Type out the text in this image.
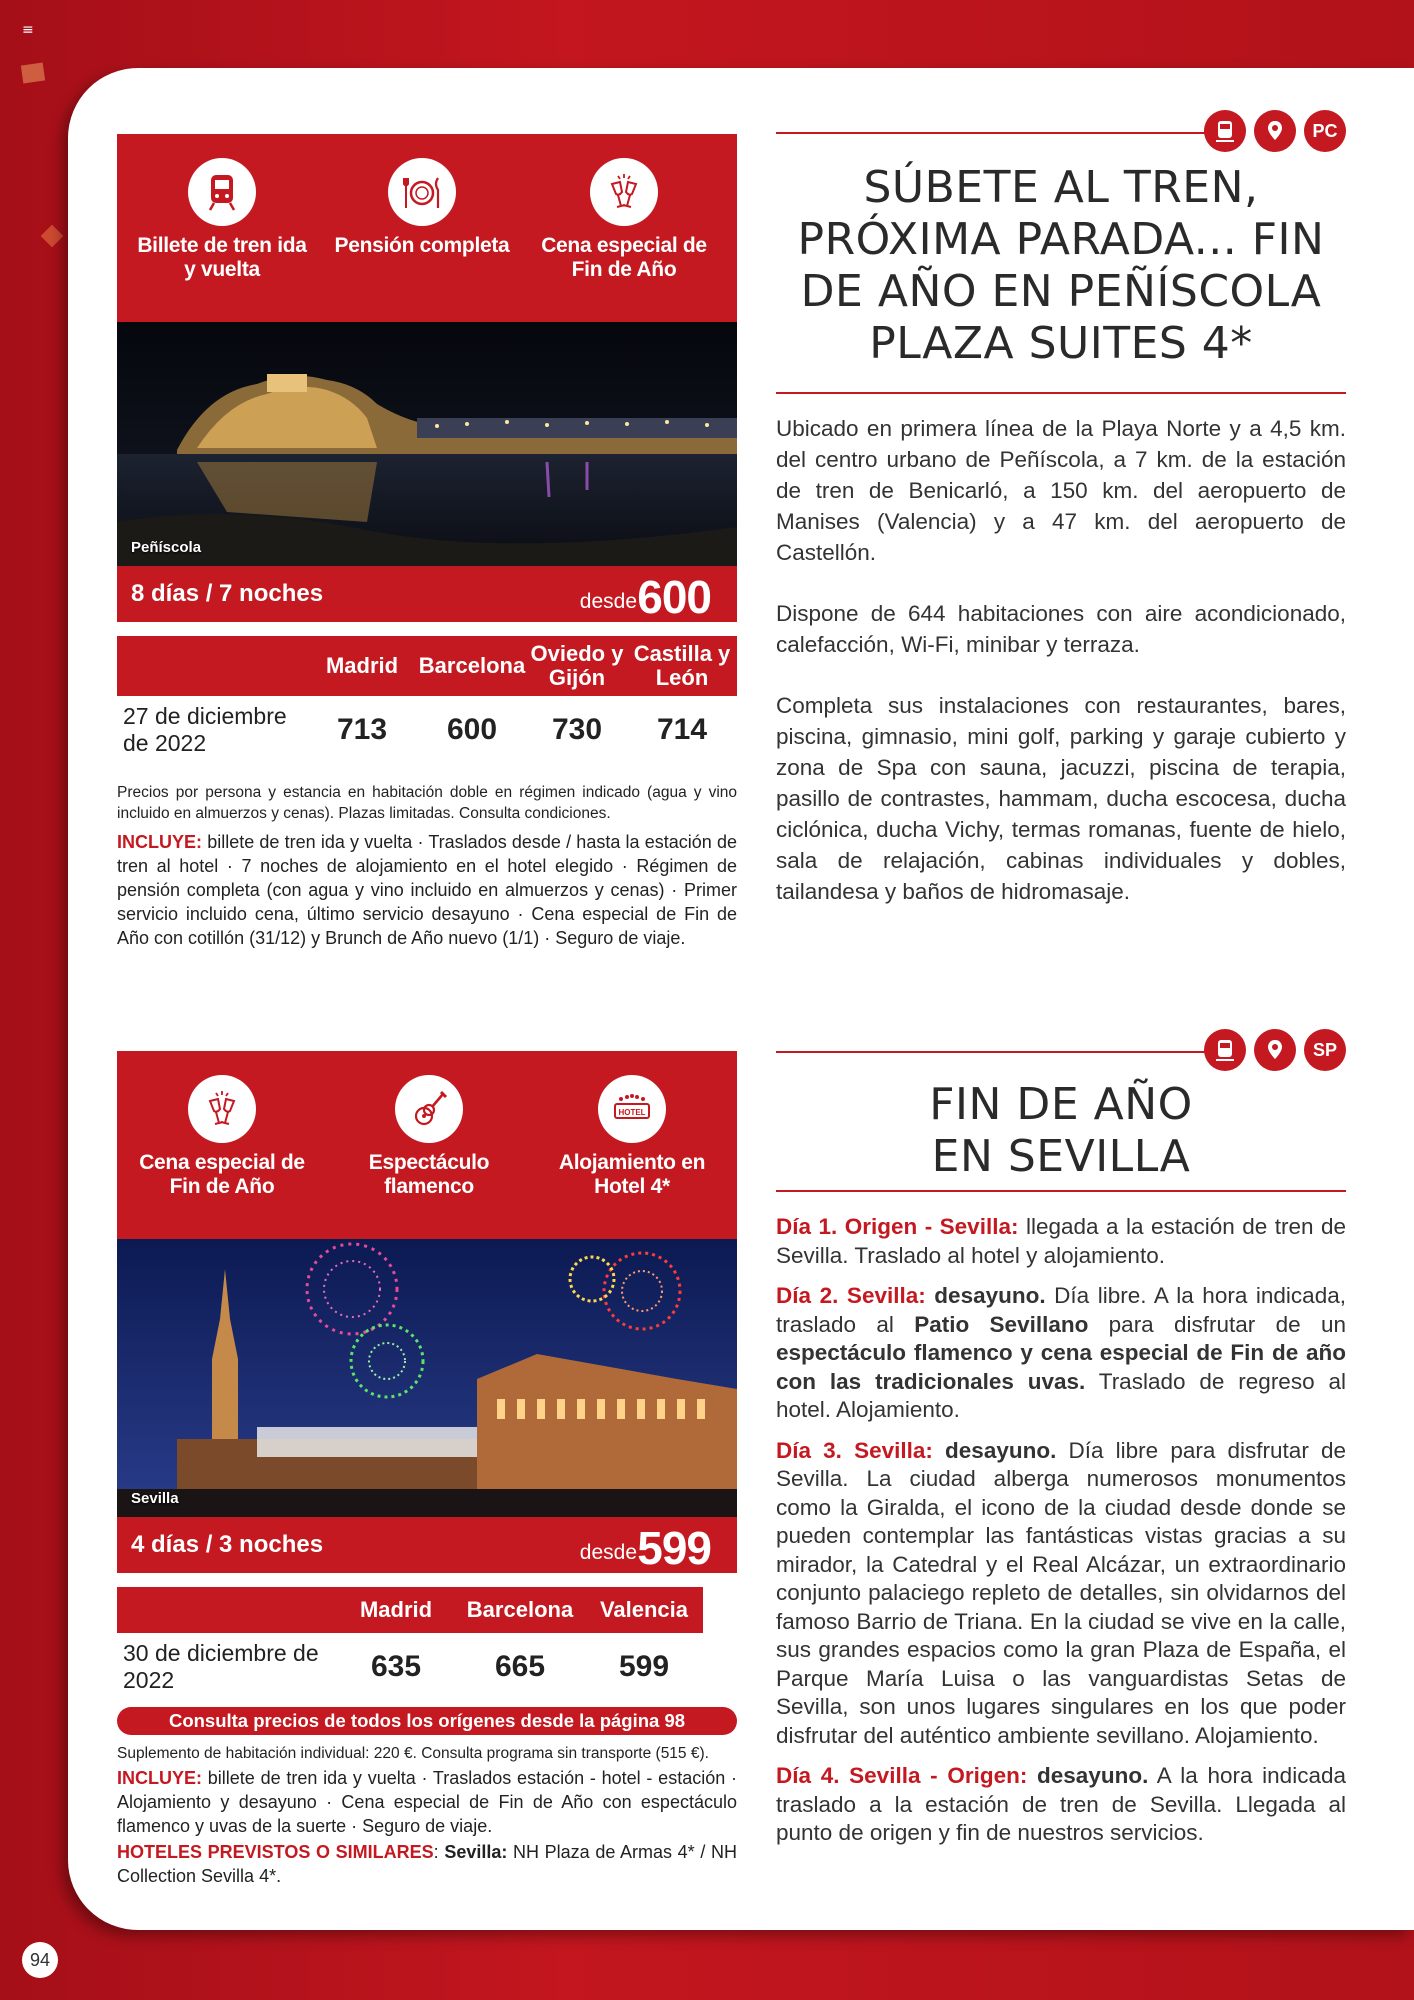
≡
94
Billete de tren ida y vuelta
Pensión completa	Cena especial de Fin de Año
Peñíscola
8 días / 7 noches	desde 600
	Madrid	Barcelona	Oviedo y Gijón	Castilla y León
27 de diciembre de 2022	713	600	730	714
Precios por persona y estancia en habitación doble en régimen indicado (agua y vino incluido en almuerzos y cenas). Plazas limitadas. Consulta condiciones.
INCLUYE: billete de tren ida y vuelta · Traslados desde / hasta la estación de tren al hotel · 7 noches de alojamiento en el hotel elegido · Régimen de pensión completa (con agua y vino incluido en almuerzos y cenas) · Primer servicio incluido cena, último servicio desayuno · Cena especial de Fin de Año con cotillón (31/12) y Brunch de Año nuevo (1/1) · Seguro de viaje.
PC
SÚBETE AL TREN,
PRÓXIMA PARADA... FIN
DE AÑO EN PEÑÍSCOLA
PLAZA SUITES 4*

Ubicado en primera línea de la Playa Norte y a 4,5 km. del centro urbano de Peñíscola, a 7 km. de la estación de tren de Benicarló, a 150 km. del aeropuerto de Manises (Valencia) y a 47 km. del aeropuerto de Castellón.

Dispone de 644 habitaciones con aire acondicionado, calefacción, Wi-Fi, minibar y terraza.

Completa sus instalaciones con restaurantes, bares, piscina, gimnasio, mini golf, parking y garaje cubierto y zona de Spa con sauna, jacuzzi, piscina de terapia, pasillo de contrastes, hammam, ducha escocesa, ducha ciclónica, ducha Vichy, termas romanas, fuente de hielo, sala de relajación, cabinas individuales y dobles, tailandesa y baños de hidromasaje.

Cena especial de Fin de Año
Espectáculo flamenco
HOTEL
Alojamiento en Hotel 4*
Sevilla
4 días / 3 noches	desde 599
	Madrid	Barcelona	Valencia
30 de diciembre de 2022	635	665	599
Consulta precios de todos los orígenes desde la página 98
Suplemento de habitación individual: 220 €. Consulta programa sin transporte (515 €).
INCLUYE: billete de tren ida y vuelta · Traslados estación - hotel - estación · Alojamiento y desayuno · Cena especial de Fin de Año con espectáculo flamenco y uvas de la suerte · Seguro de viaje.
HOTELES PREVISTOS O SIMILARES: Sevilla: NH Plaza de Armas 4* / NH Collection Sevilla 4*.
SP
FIN DE AÑO
EN SEVILLA
Día 1. Origen - Sevilla: llegada a la estación de tren de Sevilla. Traslado al hotel y alojamiento.
Día 2. Sevilla: desayuno. Día libre. A la hora indicada, traslado al Patio Sevillano para disfrutar de un espectáculo flamenco y cena especial de Fin de año con las tradicionales uvas. Traslado de regreso al hotel. Alojamiento.
Día 3. Sevilla: desayuno. Día libre para disfrutar de Sevilla. La ciudad alberga numerosos monumentos como la Giralda, el icono de la ciudad desde donde se pueden contemplar las fantásticas vistas gracias a su mirador, la Catedral y el Real Alcázar, un extraordinario conjunto palaciego repleto de detalles, sin olvidarnos del famoso Barrio de Triana. En la ciudad se vive en la calle, sus grandes espacios como la gran Plaza de España, el Parque María Luisa o las vanguardistas Setas de Sevilla, son unos lugares singulares en los que poder disfrutar del auténtico ambiente sevillano. Alojamiento.
Día 4. Sevilla - Origen: desayuno. A la hora indicada traslado a la estación de tren de Sevilla. Llegada al punto de origen y fin de nuestros servicios.
